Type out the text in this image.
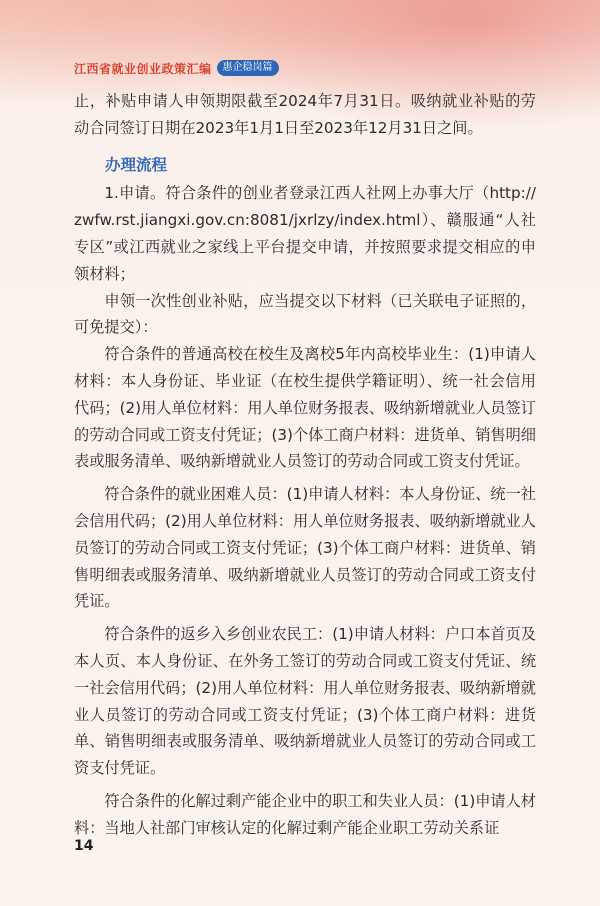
江西省就业创业政策汇编	惠企稳岗篇

止，补贴申请人申领期限截至2024年7月31日。吸纳就业补贴的劳动合同签订日期在2023年1月1日至2023年12月31日之间。

办理流程

1.申请。符合条件的创业者登录江西人社网上办事大厅（http://zwfw.rst.jiangxi.gov.cn:8081/jxrlzy/index.html）、赣服通“人社专区”或江西就业之家线上平台提交申请，并按照要求提交相应的申领材料；

申领一次性创业补贴，应当提交以下材料（已关联电子证照的，可免提交）：

符合条件的普通高校在校生及离校5年内高校毕业生：(1)申请人材料：本人身份证、毕业证（在校生提供学籍证明）、统一社会信用代码；(2)用人单位材料：用人单位财务报表、吸纳新增就业人员签订的劳动合同或工资支付凭证；(3)个体工商户材料：进货单、销售明细表或服务清单、吸纳新增就业人员签订的劳动合同或工资支付凭证。

符合条件的就业困难人员：(1)申请人材料：本人身份证、统一社会信用代码；(2)用人单位材料：用人单位财务报表、吸纳新增就业人员签订的劳动合同或工资支付凭证；(3)个体工商户材料：进货单、销售明细表或服务清单、吸纳新增就业人员签订的劳动合同或工资支付凭证。

符合条件的返乡入乡创业农民工：(1)申请人材料：户口本首页及本人页、本人身份证、在外务工签订的劳动合同或工资支付凭证、统一社会信用代码；(2)用人单位材料：用人单位财务报表、吸纳新增就业人员签订的劳动合同或工资支付凭证；(3)个体工商户材料：进货单、销售明细表或服务清单、吸纳新增就业人员签订的劳动合同或工资支付凭证。

符合条件的化解过剩产能企业中的职工和失业人员：(1)申请人材料：当地人社部门审核认定的化解过剩产能企业职工劳动关系证

14
